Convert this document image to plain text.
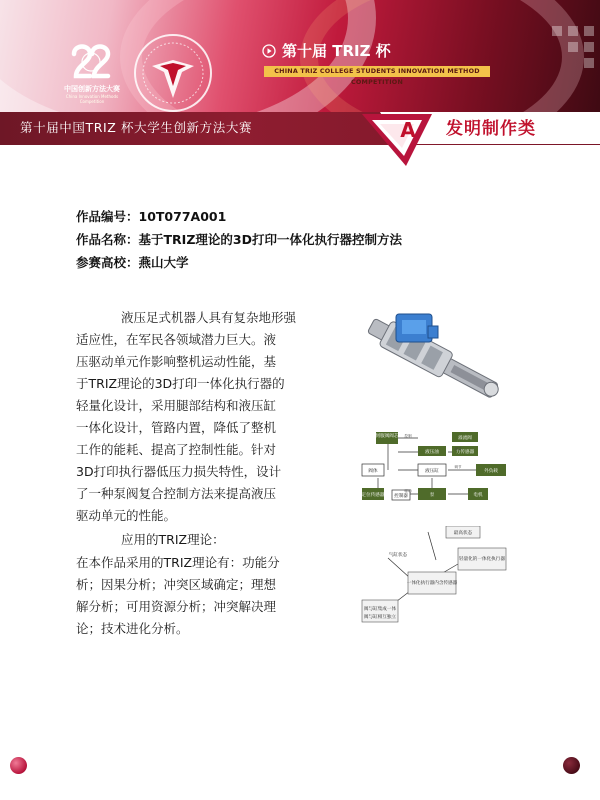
中国创新方法大赛
China Innovation Methods Competition
第十届 TRIZ 杯
CHINA TRIZ COLLEGE STUDENTS INNOVATION METHOD COMPETITION
第十届中国TRIZ 杯大学生创新方法大赛	A 发明制作类
作品编号：10T077A001
作品名称：基于TRIZ理论的3D打印一体化执行器控制方法
参赛高校：燕山大学

液压足式机器人具有复杂地形强

适应性，在军民各领域潜力巨大。液

压驱动单元作影响整机运动性能，基

于TRIZ理论的3D打印一体化执行器的

轻量化设计，采用腿部结构和液压缸

一体化设计，管路内置，降低了整机

工作的能耗、提高了控制性能。针对

3D打印执行器低压力损失特性，设计

了一种泵阀复合控制方法来提高液压

驱动单元的性能。

应用的TRIZ理论：
在本作品采用的TRIZ理论有：功能分
析；因果分析；冲突区域确定；理想
解分析；可用资源分析；冲突解决理
论；技术进化分析。
伺服阀阀芯	溢流阀
液压油	力传感器
外负载
定位传感器	泵	电机
液压缸
阀体
控制器
控制
调节
测量
驱动
最高状态
气缸状态
轻量化的一体化执行器
一体化执行器内含传感器
阀与缸集成一体
阀与缸相互独立
